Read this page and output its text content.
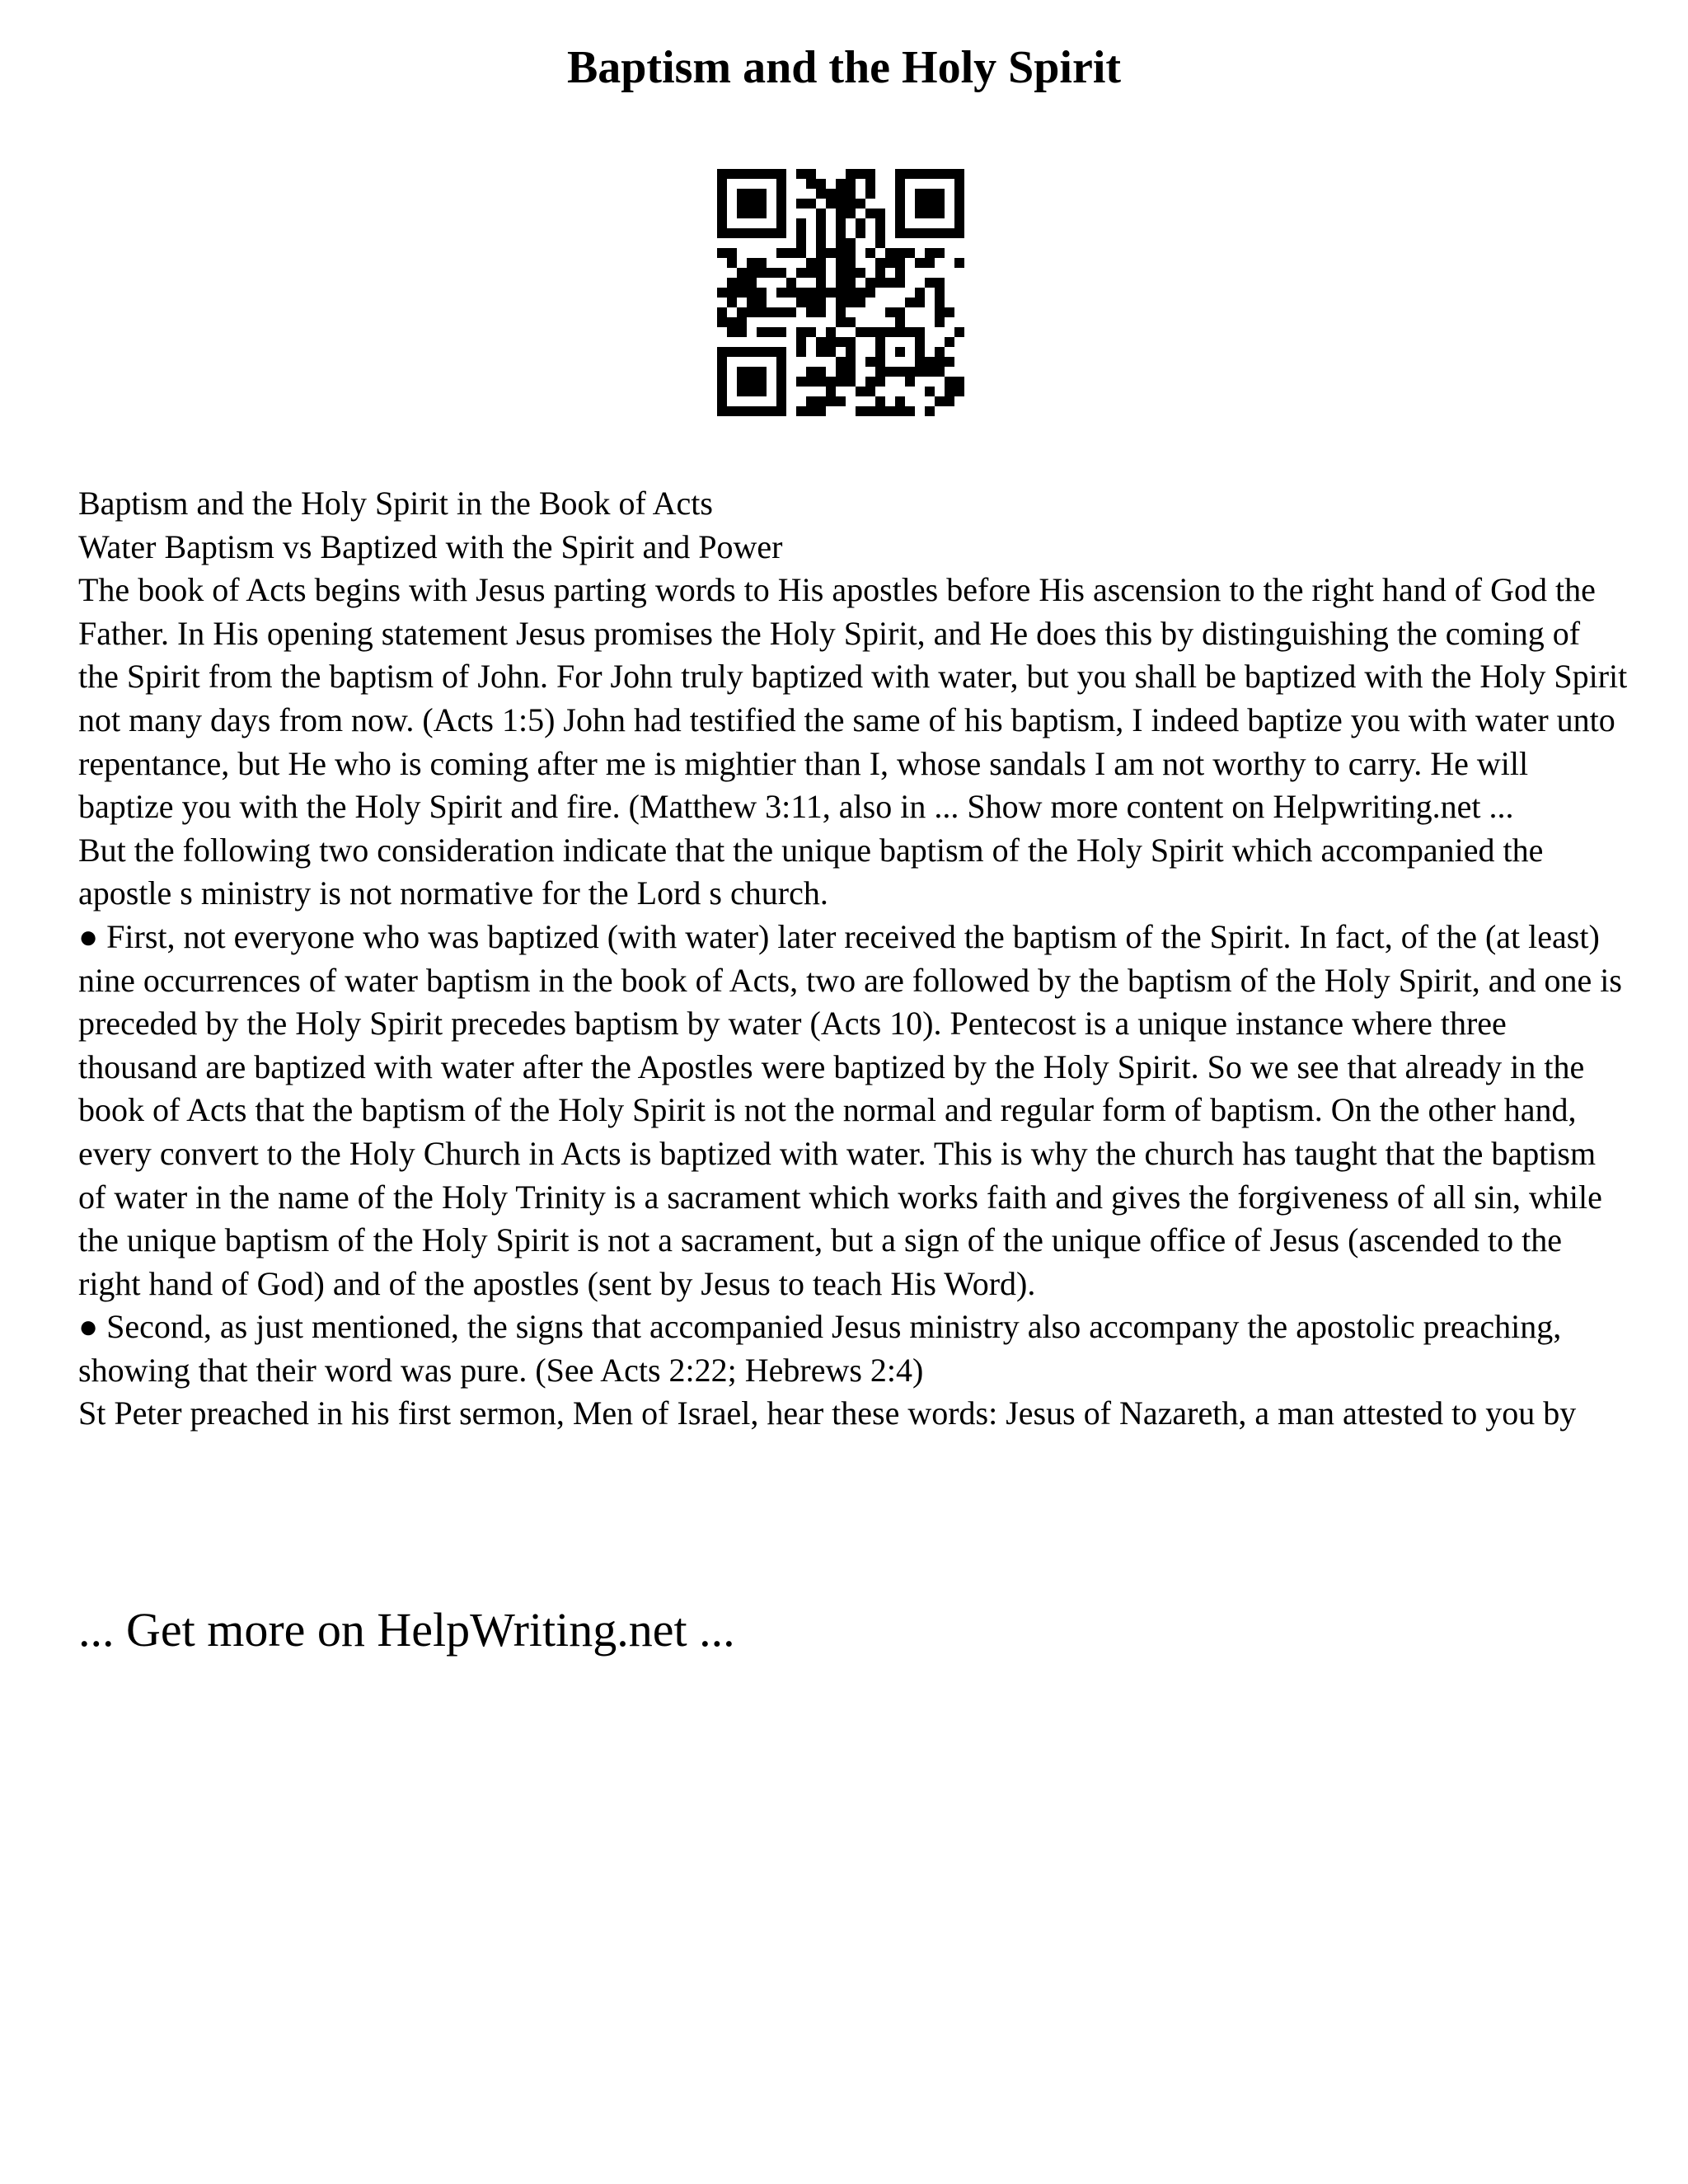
Baptism and the Holy Spirit

Baptism and the Holy Spirit in the Book of Acts

Water Baptism vs Baptized with the Spirit and Power

The book of Acts begins with Jesus parting words to His apostles before His ascension to the right hand of God the Father. In His opening statement Jesus promises the Holy Spirit, and He does this by distinguishing the coming of the Spirit from the baptism of John. For John truly baptized with water, but you shall be baptized with the Holy Spirit not many days from now. (Acts 1:5) John had testified the same of his baptism, I indeed baptize you with water unto repentance, but He who is coming after me is mightier than I, whose sandals I am not worthy to carry. He will baptize you with the Holy Spirit and fire. (Matthew 3:11, also in ... Show more content on Helpwriting.net ...

But the following two consideration indicate that the unique baptism of the Holy Spirit which accompanied the apostle s ministry is not normative for the Lord s church.

● First, not everyone who was baptized (with water) later received the baptism of the Spirit. In fact, of the (at least) nine occurrences of water baptism in the book of Acts, two are followed by the baptism of the Holy Spirit, and one is preceded by the Holy Spirit precedes baptism by water (Acts 10). Pentecost is a unique instance where three thousand are baptized with water after the Apostles were baptized by the Holy Spirit. So we see that already in the book of Acts that the baptism of the Holy Spirit is not the normal and regular form of baptism. On the other hand, every convert to the Holy Church in Acts is baptized with water. This is why the church has taught that the baptism of water in the name of the Holy Trinity is a sacrament which works faith and gives the forgiveness of all sin, while the unique baptism of the Holy Spirit is not a sacrament, but a sign of the unique office of Jesus (ascended to the right hand of God) and of the apostles (sent by Jesus to teach His Word).

● Second, as just mentioned, the signs that accompanied Jesus ministry also accompany the apostolic preaching, showing that their word was pure. (See Acts 2:22; Hebrews 2:4)

St Peter preached in his first sermon, Men of Israel, hear these words: Jesus of Nazareth, a man attested to you by

... Get more on HelpWriting.net ...
